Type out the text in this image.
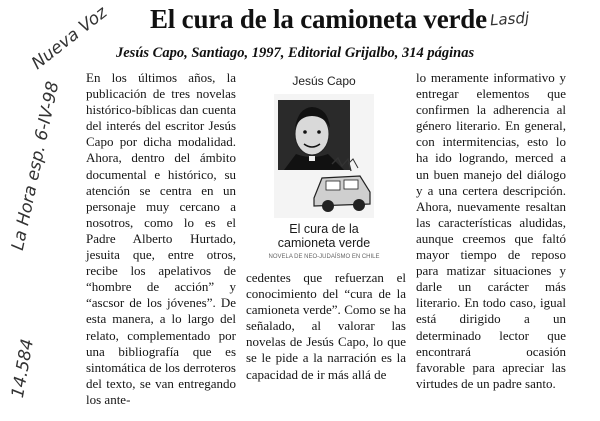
El cura de la camioneta verde
Jesús Capo, Santiago, 1997, Editorial Grijalbo, 314 páginas
En los últimos años, la publicación de tres novelas histórico-bíblicas dan cuenta del interés del escritor Jesús Capo por dicha modalidad. Ahora, dentro del ámbito documental e histórico, su atención se centra en un personaje muy cercano a nosotros, como lo es el Padre Alberto Hurtado, jesuita que, entre otros, recibe los apelativos de “hombre de acción” y “ascsor de los jóvenes”. De esta manera, a lo largo del relato, complementado por una bibliografía que es sintomática de los derroteros del texto, se van entregando los ante-
Jesús Capo
El cura de la
camioneta verde
NOVELA DE NEO-JUDAÍSMO EN CHILE
cedentes que refuerzan el conocimiento del “cura de la camioneta verde”. Como se ha señalado, al valorar las novelas de Jesús Capo, lo que se le pide a la narración es la capacidad de ir más allá de
lo meramente informativo y entregar elementos que confirmen la adherencia al género literario. En general, con intermitencias, esto lo ha ido logrando, merced a un buen manejo del diálogo y a una certera descripción. Ahora, nuevamente resaltan las características aludidas, aunque creemos que faltó mayor tiempo de reposo para matizar situaciones y darle un carácter más literario. En todo caso, igual está dirigido a un determinado lector que encontrará ocasión favorable para apreciar las virtudes de un padre santo.
Nueva Voz	Lasdj
La Hora esp. 6-IV-98
14.584
